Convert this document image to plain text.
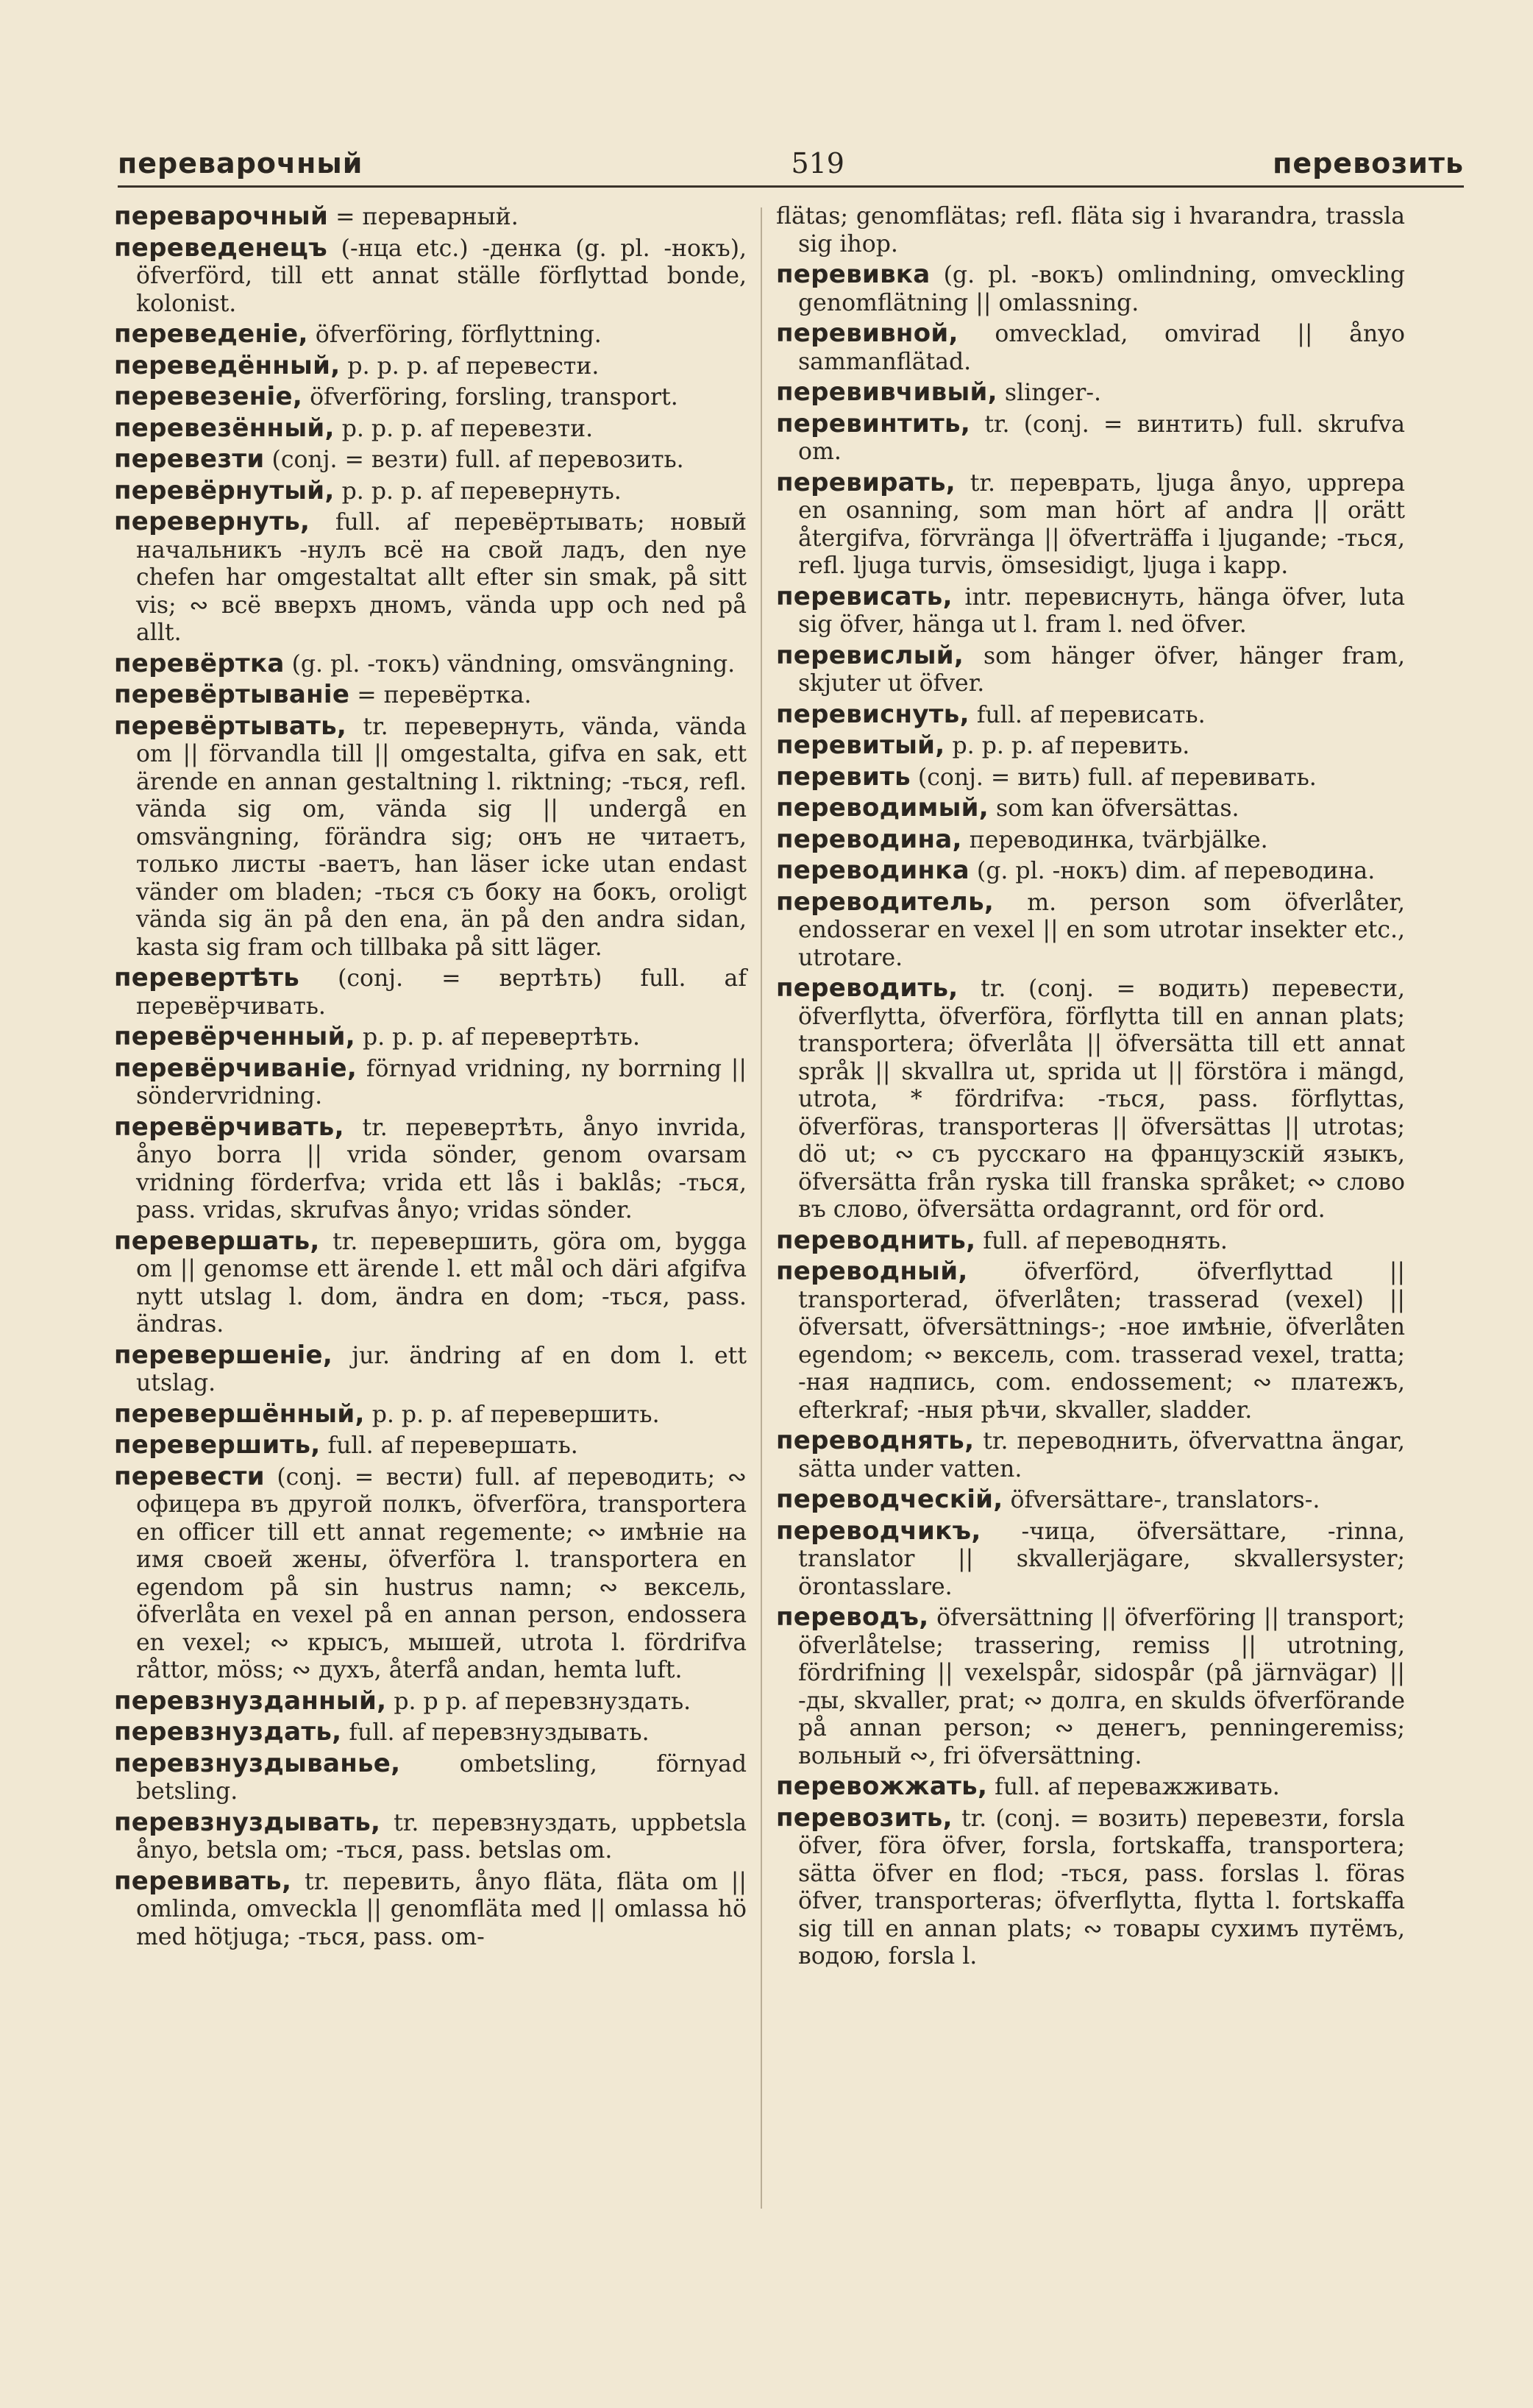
переварочный	519	перевозить
переварочный = переварный.
переведенецъ (-нца etc.) -денка (g. pl. -нокъ), öfverförd, till ett annat ställe förflyttad bonde, kolonist.
переведеніе, öfverföring, förflyttning.
переведённый, p. p. p. af перевести.
перевезеніе, öfverföring, forsling, transport.
перевезённый, p. p. p. af перевезти.
перевезти (conj. = везти) full. af перевозить.
перевёрнутый, p. p. p. af перевернуть.
перевернуть, full. af перевёртывать; новый начальникъ -нулъ всё на свой ладъ, den nye chefen har omgestaltat allt efter sin smak, på sitt vis; ∾ всё вверхъ дномъ, vända upp och ned på allt.
перевёртка (g. pl. -токъ) vändning, omsvängning.
перевёртываніе = перевёртка.
перевёртывать, tr. перевернуть, vända, vända om || förvandla till || omgestalta, gifva en sak, ett ärende en annan gestaltning l. riktning; -ться, refl. vända sig om, vända sig || undergå en omsvängning, förändra sig; онъ не читаетъ, только листы -ваетъ, han läser icke utan endast vänder om bladen; -ться съ боку на бокъ, oroligt vända sig än på den ena, än på den andra sidan, kasta sig fram och tillbaka på sitt läger.
перевертѣть (conj. = вертѣть) full. af перевёрчивать.
перевёрченный, p. p. p. af перевертѣть.
перевёрчиваніе, förnyad vridning, ny borrning || söndervridning.
перевёрчивать, tr. перевертѣть, ånyo invrida, ånyo borra || vrida sönder, genom ovarsam vridning förderfva; vrida ett lås i baklås; -ться, pass. vridas, skrufvas ånyo; vridas sönder.
перевершать, tr. перевершить, göra om, bygga om || genomse ett ärende l. ett mål och däri afgifva nytt utslag l. dom, ändra en dom; -ться, pass. ändras.
перевершеніе, jur. ändring af en dom l. ett utslag.
перевершённый, p. p. p. af перевершить.
перевершить, full. af перевершать.
перевести (conj. = вести) full. af переводить; ∾ офицера въ другой полкъ, öfverföra, transportera en officer till ett annat regemente; ∾ имѣніе на имя своей жены, öfverföra l. transportera en egendom på sin hustrus namn; ∾ вексель, öfverlåta en vexel på en annan person, endossera en vexel; ∾ крысъ, мышей, utrota l. fördrifva råttor, möss; ∾ духъ, återfå andan, hemta luft.
перевзнузданный, p. p p. af перевзнуздать.
перевзнуздать, full. af перевзнуздывать.
перевзнуздыванье, ombetsling, förnyad betsling.
перевзнуздывать, tr. перевзнуздать, uppbetsla ånyo, betsla om; -ться, pass. betslas om.
перевивать, tr. перевить, ånyo fläta, fläta om || omlinda, omveckla || genomfläta med || omlassa hö med hötjuga; -ться, pass. om-
flätas; genomflätas; refl. fläta sig i hvarandra, trassla sig ihop.
перевивка (g. pl. -вокъ) omlindning, omveckling genomflätning || omlassning.
перевивной, omvecklad, omvirad || ånyo sammanflätad.
перевивчивый, slinger-.
перевинтить, tr. (conj. = винтить) full. skrufva om.
перевирать, tr. переврать, ljuga ånyo, upprepa en osanning, som man hört af andra || orätt återgifva, förvränga || öfverträffa i ljugande; -ться, refl. ljuga turvis, ömsesidigt, ljuga i kapp.
перевисать, intr. перевиснуть, hänga öfver, luta sig öfver, hänga ut l. fram l. ned öfver.
перевислый, som hänger öfver, hänger fram, skjuter ut öfver.
перевиснуть, full. af перевисать.
перевитый, p. p. p. af перевить.
перевить (conj. = вить) full. af перевивать.
переводимый, som kan öfversättas.
переводина, переводинка, tvärbjälke.
переводинка (g. pl. -нокъ) dim. af переводина.
переводитель, m. person som öfverlåter, endosserar en vexel || en som utrotar insekter etc., utrotare.
переводить, tr. (conj. = водить) перевести, öfverflytta, öfverföra, förflytta till en annan plats; transportera; öfverlåta || öfversätta till ett annat språk || skvallra ut, sprida ut || förstöra i mängd, utrota, * fördrifva: -ться, pass. förflyttas, öfverföras, transporteras || öfversättas || utrotas; dö ut; ∾ съ русскаго на французскій языкъ, öfversätta från ryska till franska språket; ∾ слово въ слово, öfversätta ordagrannt, ord för ord.
переводнить, full. af переводнять.
переводный, öfverförd, öfverflyttad || transporterad, öfverlåten; trasserad (vexel) || öfversatt, öfversättnings-; -ное имѣніе, öfverlåten egendom; ∾ вексель, com. trasserad vexel, tratta; -ная надпись, com. endossement; ∾ платежъ, efterkraf; -ныя рѣчи, skvaller, sladder.
переводнять, tr. переводнить, öfvervattna ängar, sätta under vatten.
переводческій, öfversättare-, translators-.
переводчикъ, -чица, öfversättare, -rinna, translator || skvallerjägare, skvallersyster; örontasslare.
переводъ, öfversättning || öfverföring || transport; öfverlåtelse; trassering, remiss || utrotning, fördrifning || vexelspår, sidospår (på järnvägar) || -ды, skvaller, prat; ∾ долга, en skulds öfverförande på annan person; ∾ денегъ, penningeremiss; вольный ∾, fri öfversättning.
перевожжать, full. af переважживать.
перевозить, tr. (conj. = возить) перевезти, forsla öfver, föra öfver, forsla, fortskaffa, transportera; sätta öfver en flod; -ться, pass. forslas l. föras öfver, transporteras; öfverflytta, flytta l. fortskaffa sig till en annan plats; ∾ товары сухимъ путёмъ, водою, forsla l.
